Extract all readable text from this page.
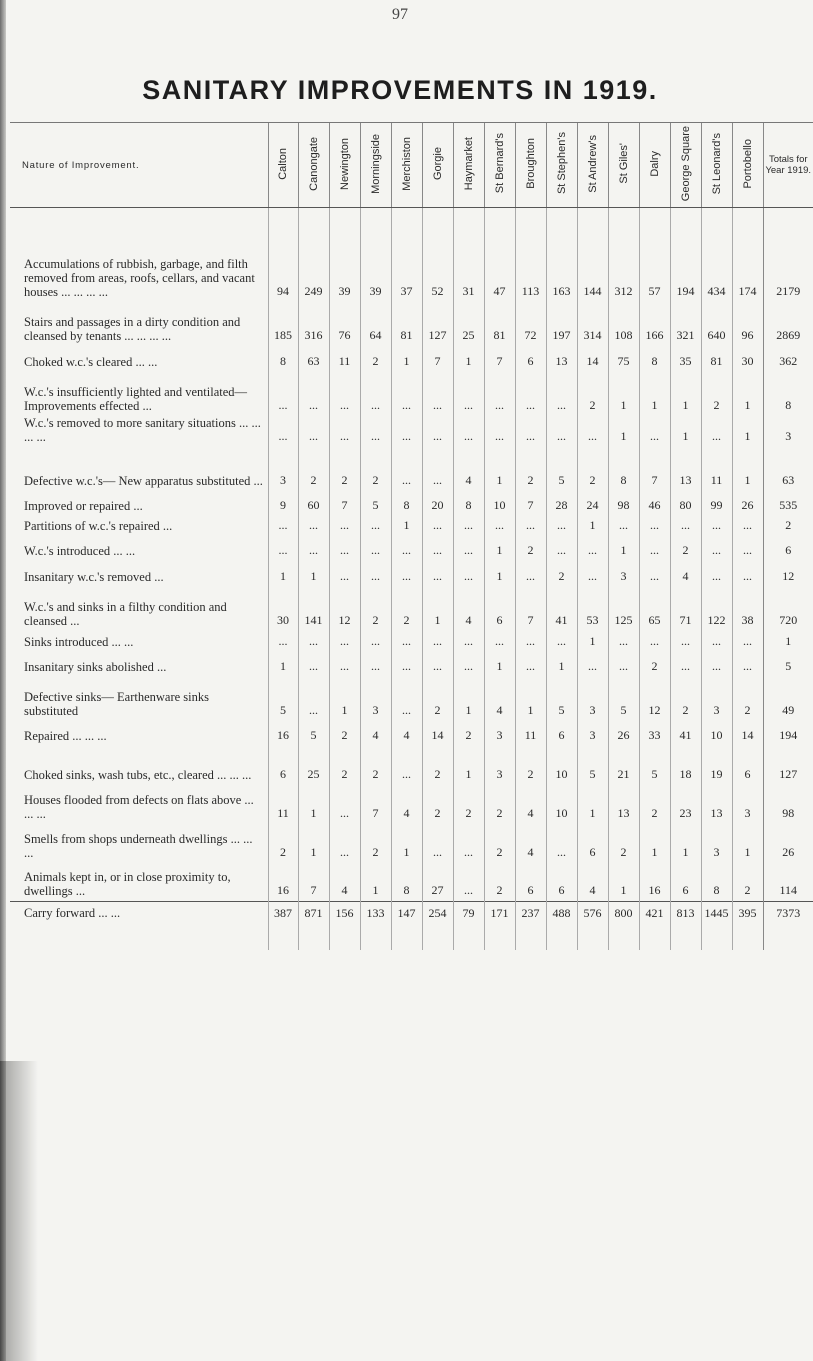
97
SANITARY IMPROVEMENTS IN 1919.
Nature of Improvement.	Calton	Canongate	Newington	Morningside	Merchiston	Gorgie	Haymarket	St Bernard's	Broughton	St Stephen's	St Andrew's	St Giles'	Dalry	George Square	St Leonard's	Portobello	Totals for Year 1919.
Accumulations of rubbish, garbage, and filth removed from areas, roofs, cellars, and vacant houses ... ... ... ...	94	249	39	39	37	52	31	47	113	163	144	312	57	194	434	174	2179
Stairs and passages in a dirty condition and cleansed by tenants ... ... ... ...	185	316	76	64	81	127	25	81	72	197	314	108	166	321	640	96	2869
Choked w.c.'s cleared ... ...	8	63	11	2	1	7	1	7	6	13	14	75	8	35	81	30	362
W.c.'s insufficiently lighted and ventilated— Improvements effected ...	...	...	...	...	...	...	...	...	...	...	2	1	1	1	2	1	8
W.c.'s removed to more sanitary situations ... ... ... ...	...	...	...	...	...	...	...	...	...	...	...	1	...	1	...	1	3
Defective w.c.'s— New apparatus substituted ...	3	2	2	2	...	...	4	1	2	5	2	8	7	13	11	1	63
Improved or repaired ...	9	60	7	5	8	20	8	10	7	28	24	98	46	80	99	26	535
Partitions of w.c.'s repaired ...	...	...	...	...	1	...	...	...	...	...	1	...	...	...	...	...	2
W.c.'s introduced ... ...	...	...	...	...	...	...	...	1	2	...	...	1	...	2	...	...	6
Insanitary w.c.'s removed ...	1	1	...	...	...	...	...	1	...	2	...	3	...	4	...	...	12
W.c.'s and sinks in a filthy condition and cleansed ...	30	141	12	2	2	1	4	6	7	41	53	125	65	71	122	38	720
Sinks introduced ... ...	...	...	...	...	...	...	...	...	...	...	1	...	...	...	...	...	1
Insanitary sinks abolished ...	1	...	...	...	...	...	...	1	...	1	...	...	2	...	...	...	5
Defective sinks— Earthenware sinks substituted	5	...	1	3	...	2	1	4	1	5	3	5	12	2	3	2	49
Repaired ... ... ...	16	5	2	4	4	14	2	3	11	6	3	26	33	41	10	14	194
Choked sinks, wash tubs, etc., cleared ... ... ...	6	25	2	2	...	2	1	3	2	10	5	21	5	18	19	6	127
Houses flooded from defects on flats above ... ... ...	11	1	...	7	4	2	2	2	4	10	1	13	2	23	13	3	98
Smells from shops underneath dwellings ... ... ...	2	1	...	2	1	...	...	2	4	...	6	2	1	1	3	1	26
Animals kept in, or in close proximity to, dwellings ...	16	7	4	1	8	27	...	2	6	6	4	1	16	6	8	2	114
Carry forward ... ...	387	871	156	133	147	254	79	171	237	488	576	800	421	813	1445	395	7373
